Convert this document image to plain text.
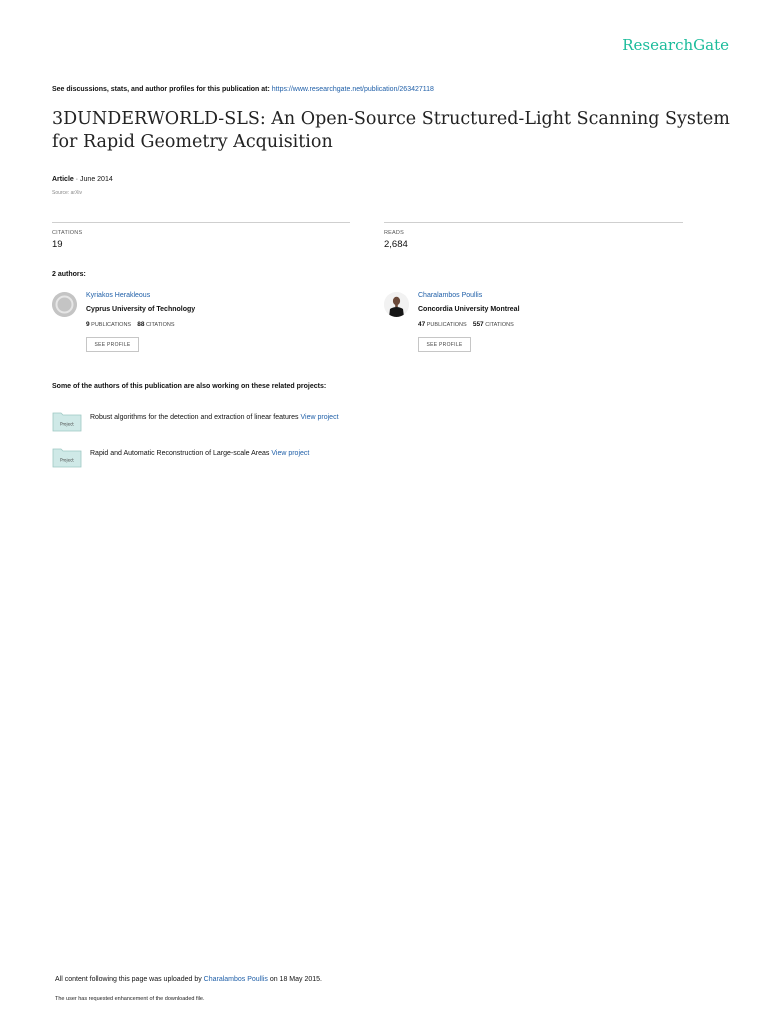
ResearchGate
See discussions, stats, and author profiles for this publication at: https://www.researchgate.net/publication/263427118
3DUNDERWORLD-SLS: An Open-Source Structured-Light Scanning System
for Rapid Geometry Acquisition
Article · June 2014
Source: arXiv
CITATIONS
19
READS
2,684
2 authors:
Kyriakos Herakleous
Cyprus University of Technology
9 PUBLICATIONS 88 CITATIONS
SEE PROFILE
Charalambos Poullis
Concordia University Montreal
47 PUBLICATIONS 557 CITATIONS
SEE PROFILE
Some of the authors of this publication are also working on these related projects:
Project
Robust algorithms for the detection and extraction of linear features View project
Project
Rapid and Automatic Reconstruction of Large-scale Areas View project
All content following this page was uploaded by Charalambos Poullis on 18 May 2015.
The user has requested enhancement of the downloaded file.
